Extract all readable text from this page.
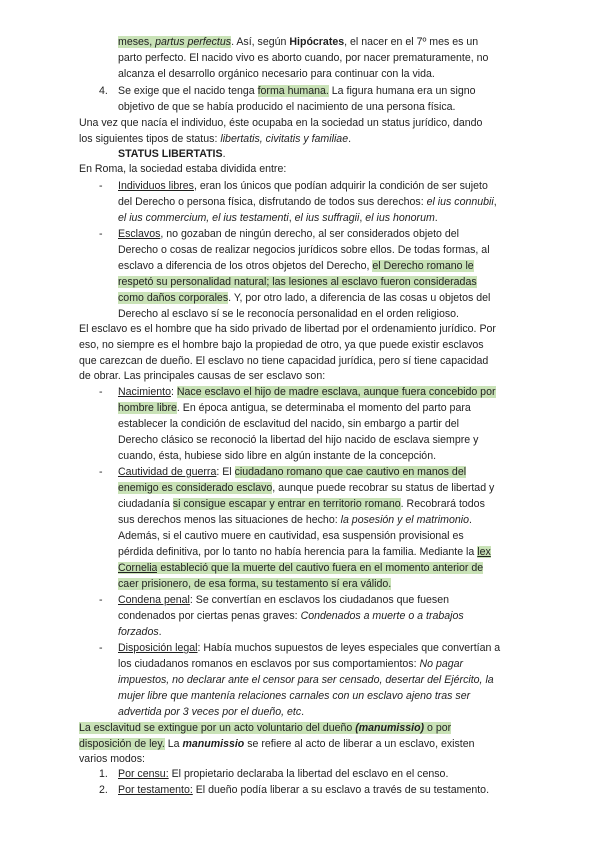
meses, partus perfectus. Así, según Hipócrates, el nacer en el 7º mes es un
parto perfecto. El nacido vivo es aborto cuando, por nacer prematuramente, no
alcanza el desarrollo orgánico necesario para continuar con la vida.
4. Se exige que el nacido tenga forma humana. La figura humana era un signo
objetivo de que se había producido el nacimiento de una persona física.
Una vez que nacía el individuo, éste ocupaba en la sociedad un status jurídico, dando
los siguientes tipos de status: libertatis, civitatis y familiae.
STATUS LIBERTATIS.
En Roma, la sociedad estaba dividida entre:
- Individuos libres, eran los únicos que podían adquirir la condición de ser sujeto
del Derecho o persona física, disfrutando de todos sus derechos: el ius connubii,
el ius commercium, el ius testamenti, el ius suffragii, el ius honorum.
- Esclavos, no gozaban de ningún derecho, al ser considerados objeto del
Derecho o cosas de realizar negocios jurídicos sobre ellos. De todas formas, al
esclavo a diferencia de los otros objetos del Derecho, el Derecho romano le
respetó su personalidad natural; las lesiones al esclavo fueron consideradas
como daños corporales. Y, por otro lado, a diferencia de las cosas u objetos del
Derecho al esclavo sí se le reconocía personalidad en el orden religioso.
El esclavo es el hombre que ha sido privado de libertad por el ordenamiento jurídico. Por
eso, no siempre es el hombre bajo la propiedad de otro, ya que puede existir esclavos
que carezcan de dueño. El esclavo no tiene capacidad jurídica, pero sí tiene capacidad
de obrar. Las principales causas de ser esclavo son:
- Nacimiento: Nace esclavo el hijo de madre esclava, aunque fuera concebido por
hombre libre. En época antigua, se determinaba el momento del parto para
establecer la condición de esclavitud del nacido, sin embargo a partir del
Derecho clásico se reconoció la libertad del hijo nacido de esclava siempre y
cuando, ésta, hubiese sido libre en algún instante de la concepción.
- Cautividad de guerra: El ciudadano romano que cae cautivo en manos del
enemigo es considerado esclavo, aunque puede recobrar su status de libertad y
ciudadanía si consigue escapar y entrar en territorio romano. Recobrará todos
sus derechos menos las situaciones de hecho: la posesión y el matrimonio.
Además, si el cautivo muere en cautividad, esa suspensión provisional es
pérdida definitiva, por lo tanto no había herencia para la familia. Mediante la lex
Cornelia estableció que la muerte del cautivo fuera en el momento anterior de
caer prisionero, de esa forma, su testamento sí era válido.
- Condena penal: Se convertían en esclavos los ciudadanos que fuesen
condenados por ciertas penas graves: Condenados a muerte o a trabajos
forzados.
- Disposición legal: Había muchos supuestos de leyes especiales que convertían a
los ciudadanos romanos en esclavos por sus comportamientos: No pagar
impuestos, no declarar ante el censor para ser censado, desertar del Ejército, la
mujer libre que mantenía relaciones carnales con un esclavo ajeno tras ser
advertida por 3 veces por el dueño, etc.
La esclavitud se extingue por un acto voluntario del dueño (manumissio) o por
disposición de ley. La manumissio se refiere al acto de liberar a un esclavo, existen
varios modos:
1. Por censu: El propietario declaraba la libertad del esclavo en el censo.
2. Por testamento: El dueño podía liberar a su esclavo a través de su testamento.
